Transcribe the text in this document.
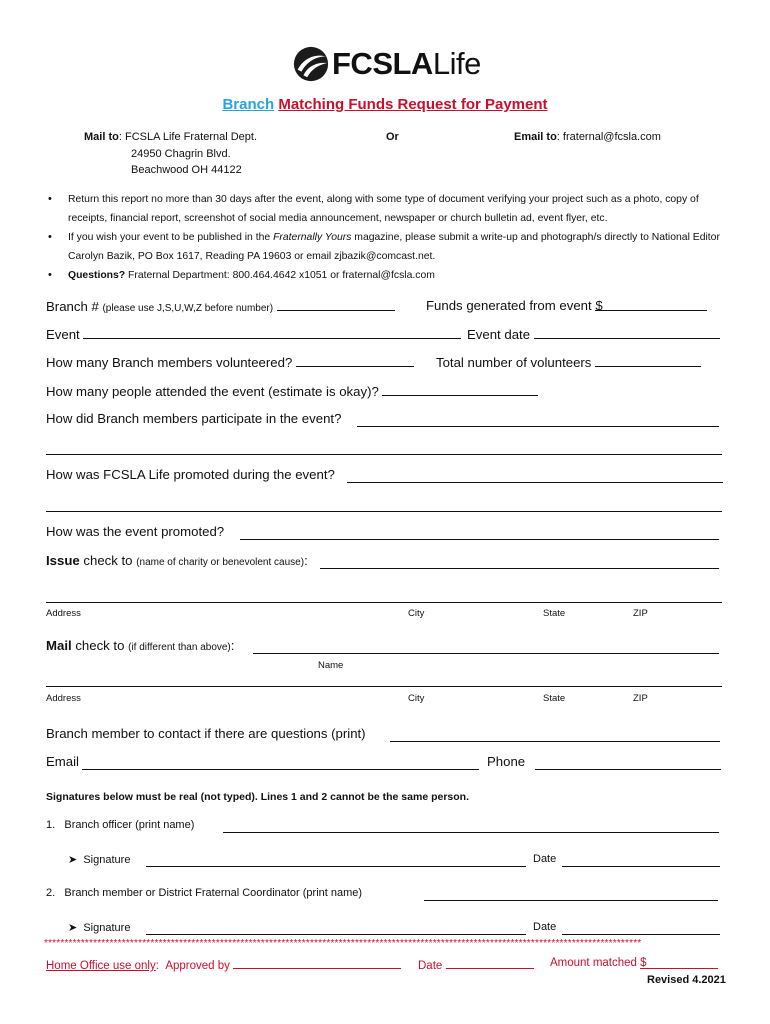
FCSLA Life
Branch Matching Funds Request for Payment
Mail to: FCSLA Life Fraternal Dept.
24950 Chagrin Blvd.
Beachwood OH 44122
Or	Email to: fraternal@fcsla.com
• Return this report no more than 30 days after the event, along with some type of document verifying your project such as a photo, copy of receipts, financial report, screenshot of social media announcement, newspaper or church bulletin ad, event flyer, etc.
• If you wish your event to be published in the Fraternally Yours magazine, please submit a write-up and photograph/s directly to National Editor Carolyn Bazik, PO Box 1617, Reading PA 19603 or email zjbazik@comcast.net.
• Questions? Fraternal Department: 800.464.4642 x1051 or fraternal@fcsla.com
Branch # (please use J,S,U,W,Z before number)	Funds generated from event $
Event	Event date
How many Branch members volunteered?	Total number of volunteers
How many people attended the event (estimate is okay)?
How did Branch members participate in the event?
How was FCSLA Life promoted during the event?
How was the event promoted?
Issue check to (name of charity or benevolent cause):
Address	City	State	ZIP
Mail check to (if different than above):
Name
Address	City	State	ZIP
Branch member to contact if there are questions (print)
Email	Phone
Signatures below must be real (not typed). Lines 1 and 2 cannot be the same person.
1. Branch officer (print name)
➤ Signature	Date
2. Branch member or District Fraternal Coordinator (print name)
➤ Signature	Date
**************************************************************************************************************************************************
Home Office use only:  Approved by	Date	Amount matched $
Revised 4.2021
